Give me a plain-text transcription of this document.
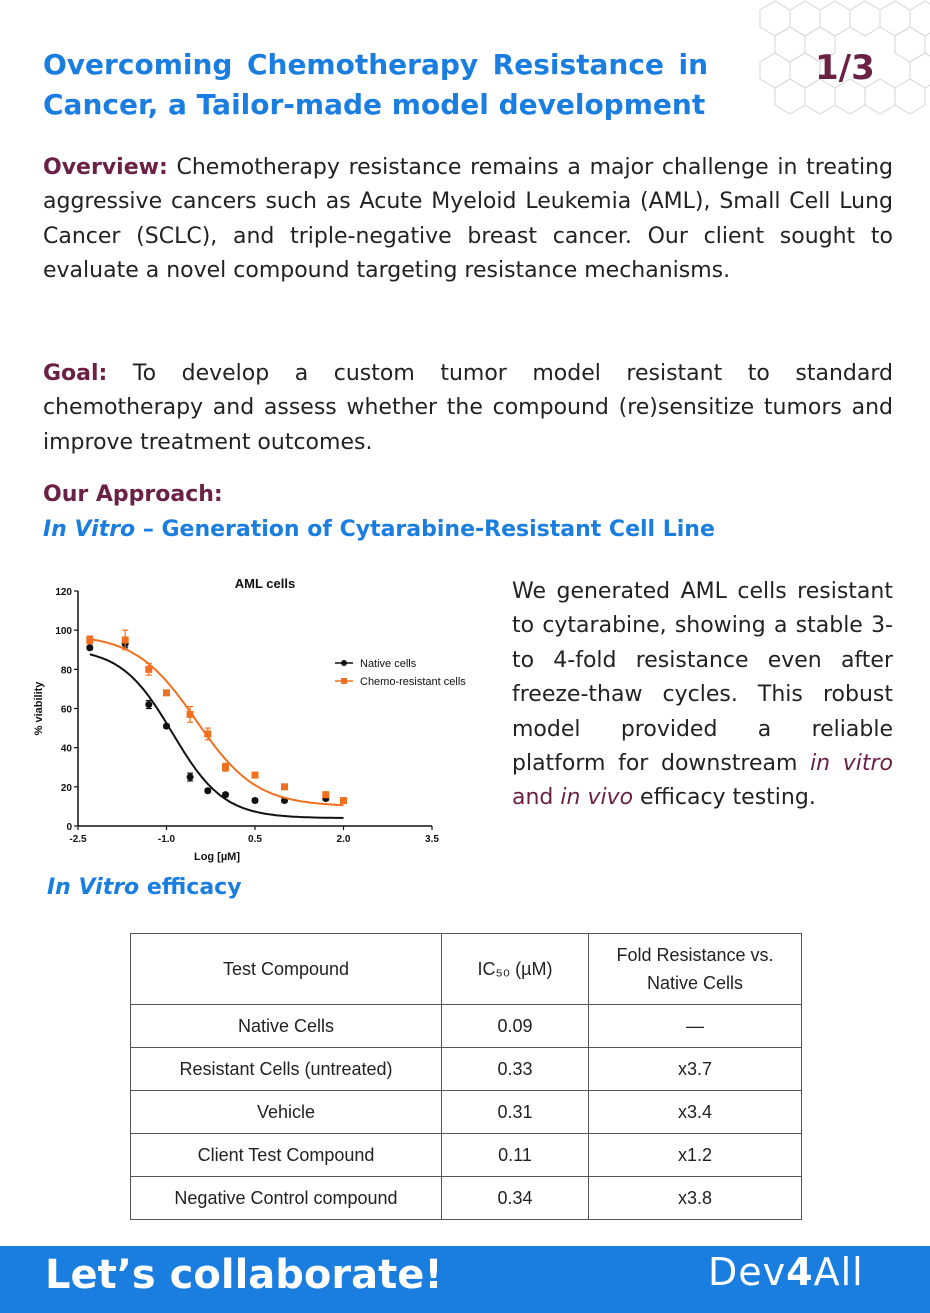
Overcoming Chemotherapy Resistance in
Cancer, a Tailor-made model development
1/3
Overview: Chemotherapy resistance remains a major challenge in treating aggressive cancers such as Acute Myeloid Leukemia (AML), Small Cell Lung Cancer (SCLC), and triple-negative breast cancer. Our client sought to evaluate a novel compound targeting resistance mechanisms.
Goal: To develop a custom tumor model resistant to standard chemotherapy and assess whether the compound (re)sensitize tumors and improve treatment outcomes.
Our Approach:
In Vitro – Generation of Cytarabine-Resistant Cell Line
AML cells
0
20
40
60
80
100
120
-2.5	-1.0	0.5	2.0	3.5
Log [µM]
% viability
Native cells
Chemo-resistant cells
We generated AML cells resistant to cytarabine, showing a stable 3- to 4-fold resistance even after freeze-thaw cycles. This robust model provided a reliable platform for downstream in vitro and in vivo efficacy testing.
In Vitro efficacy
Test Compound	IC₅₀ (µM)	Fold Resistance vs.
Native Cells
Native Cells	0.09	—
Resistant Cells (untreated)	0.33	x3.7
Vehicle	0.31	x3.4
Client Test Compound	0.11	x1.2
Negative Control compound	0.34	x3.8
Let’s collaborate!	Dev4All
